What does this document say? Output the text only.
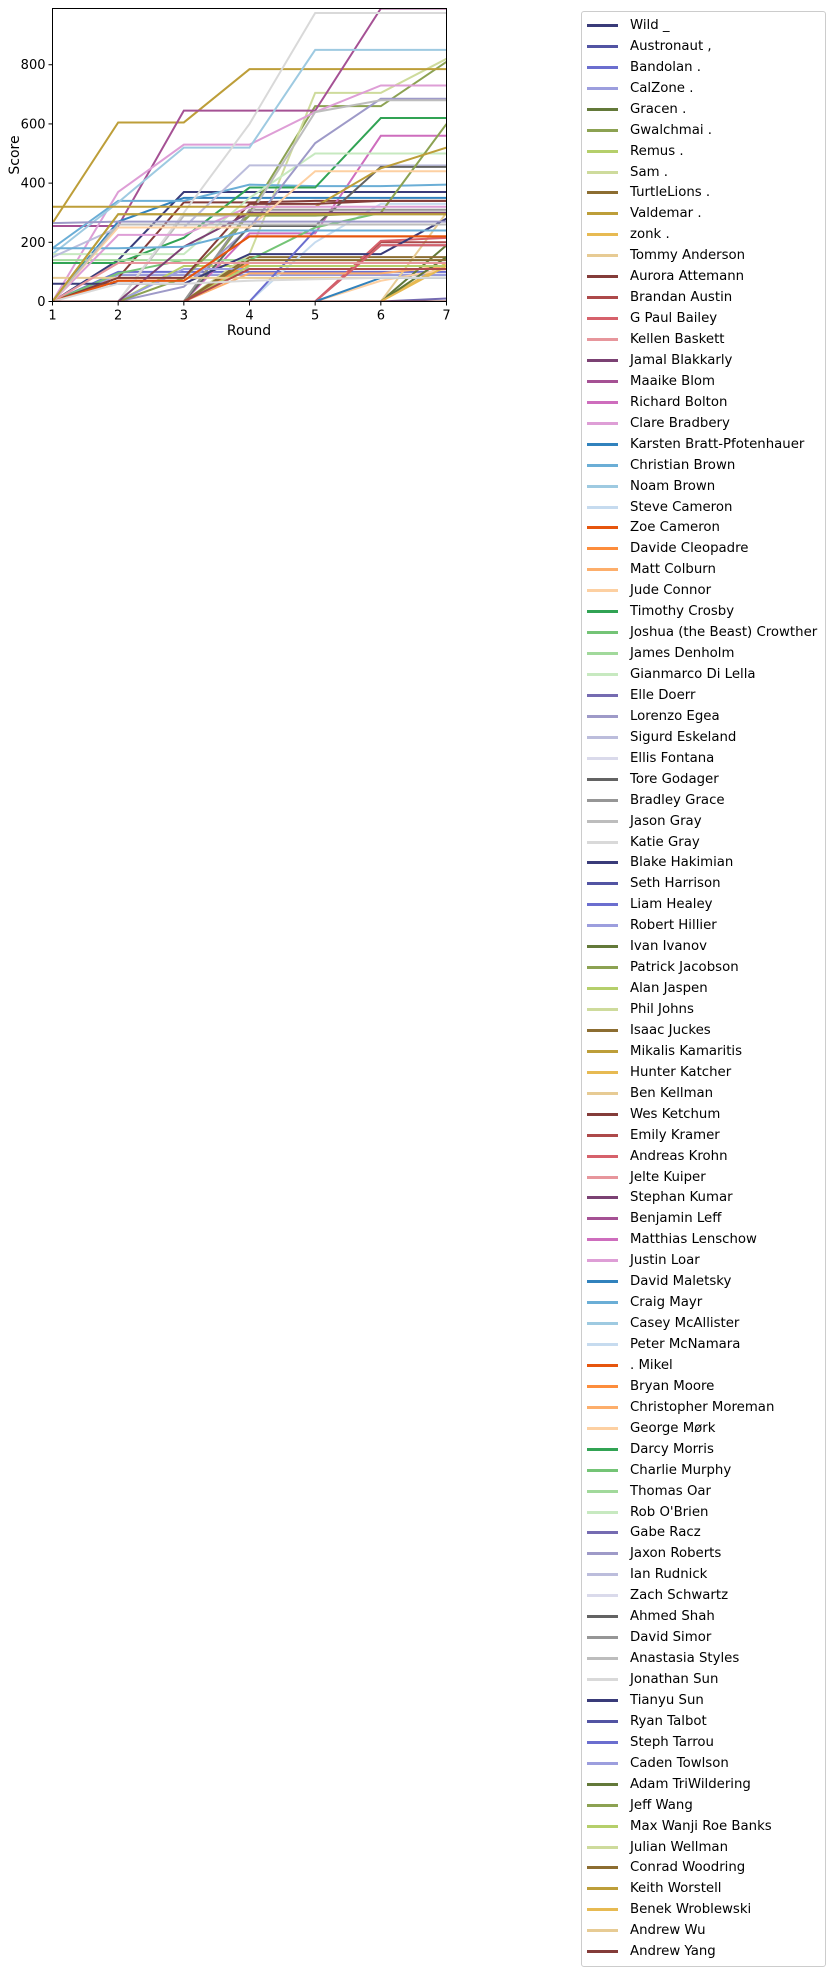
1	2	3	4	5	6	7
0
200
400
600
800
Round
Score
Wild _
Austronaut ,
Bandolan .
CalZone .
Gracen .
Gwalchmai .
Remus .
Sam .
TurtleLions .
Valdemar .
zonk .
Tommy Anderson
Aurora Attemann
Brandan Austin
G Paul Bailey
Kellen Baskett
Jamal Blakkarly
Maaike Blom
Richard Bolton
Clare Bradbery
Karsten Bratt-Pfotenhauer
Christian Brown
Noam Brown
Steve Cameron
Zoe Cameron
Davide Cleopadre
Matt Colburn
Jude Connor
Timothy Crosby
Joshua (the Beast) Crowther
James Denholm
Gianmarco Di Lella
Elle Doerr
Lorenzo Egea
Sigurd Eskeland
Ellis Fontana
Tore Godager
Bradley Grace
Jason Gray
Katie Gray
Blake Hakimian
Seth Harrison
Liam Healey
Robert Hillier
Ivan Ivanov
Patrick Jacobson
Alan Jaspen
Phil Johns
Isaac Juckes
Mikalis Kamaritis
Hunter Katcher
Ben Kellman
Wes Ketchum
Emily Kramer
Andreas Krohn
Jelte Kuiper
Stephan Kumar
Benjamin Leff
Matthias Lenschow
Justin Loar
David Maletsky
Craig Mayr
Casey McAllister
Peter McNamara
. Mikel
Bryan Moore
Christopher Moreman
George Mørk
Darcy Morris
Charlie Murphy
Thomas Oar
Rob O'Brien
Gabe Racz
Jaxon Roberts
Ian Rudnick
Zach Schwartz
Ahmed Shah
David Simor
Anastasia Styles
Jonathan Sun
Tianyu Sun
Ryan Talbot
Steph Tarrou
Caden Towlson
Adam TriWildering
Jeff Wang
Max Wanji Roe Banks
Julian Wellman
Conrad Woodring
Keith Worstell
Benek Wroblewski
Andrew Wu
Andrew Yang
